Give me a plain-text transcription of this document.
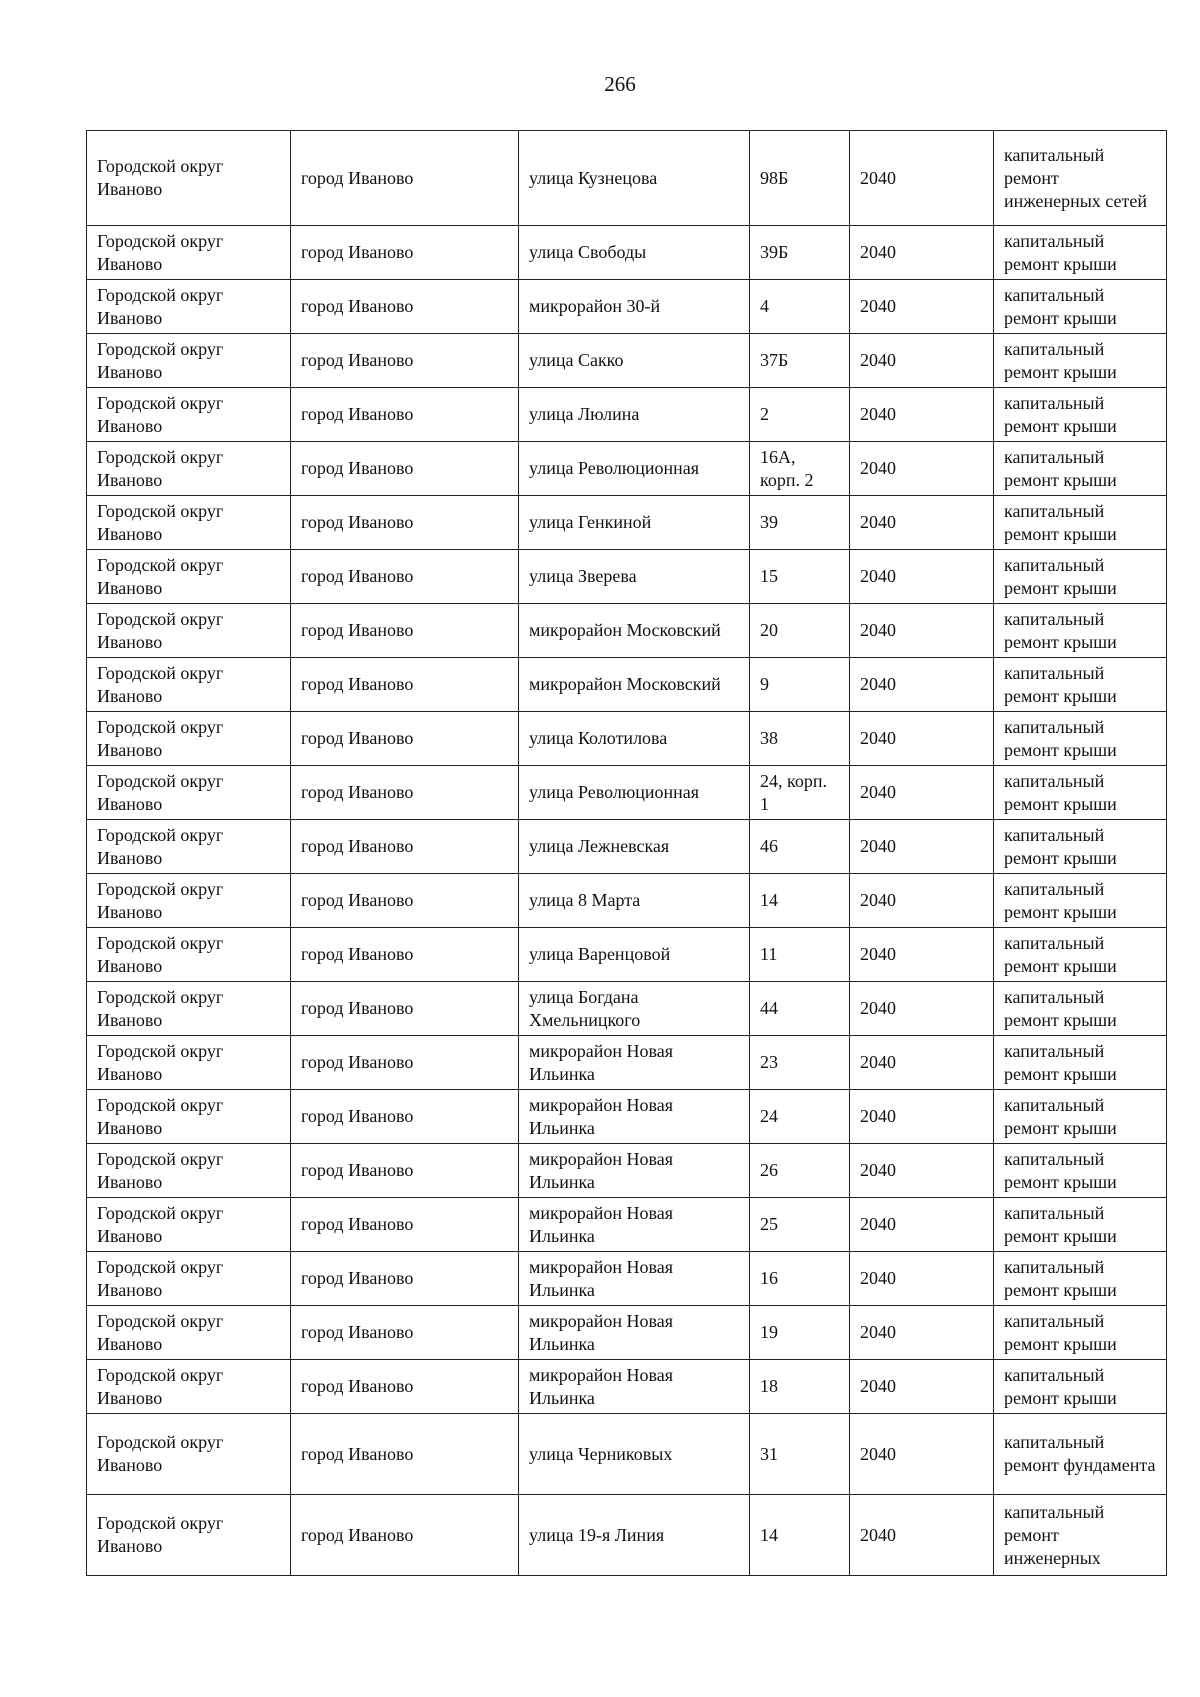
266
Городской округ Иваново	город Иваново	улица Кузнецова	98Б	2040	капитальный ремонт инженерных сетей
Городской округ Иваново	город Иваново	улица Свободы	39Б	2040	капитальный ремонт крыши
Городской округ Иваново	город Иваново	микрорайон 30-й	4	2040	капитальный ремонт крыши
Городской округ Иваново	город Иваново	улица Сакко	37Б	2040	капитальный ремонт крыши
Городской округ Иваново	город Иваново	улица Люлина	2	2040	капитальный ремонт крыши
Городской округ Иваново	город Иваново	улица Революционная	16А, корп. 2	2040	капитальный ремонт крыши
Городской округ Иваново	город Иваново	улица Генкиной	39	2040	капитальный ремонт крыши
Городской округ Иваново	город Иваново	улица Зверева	15	2040	капитальный ремонт крыши
Городской округ Иваново	город Иваново	микрорайон Московский	20	2040	капитальный ремонт крыши
Городской округ Иваново	город Иваново	микрорайон Московский	9	2040	капитальный ремонт крыши
Городской округ Иваново	город Иваново	улица Колотилова	38	2040	капитальный ремонт крыши
Городской округ Иваново	город Иваново	улица Революционная	24, корп. 1	2040	капитальный ремонт крыши
Городской округ Иваново	город Иваново	улица Лежневская	46	2040	капитальный ремонт крыши
Городской округ Иваново	город Иваново	улица 8 Марта	14	2040	капитальный ремонт крыши
Городской округ Иваново	город Иваново	улица Варенцовой	11	2040	капитальный ремонт крыши
Городской округ Иваново	город Иваново	улица Богдана Хмельницкого	44	2040	капитальный ремонт крыши
Городской округ Иваново	город Иваново	микрорайон Новая Ильинка	23	2040	капитальный ремонт крыши
Городской округ Иваново	город Иваново	микрорайон Новая Ильинка	24	2040	капитальный ремонт крыши
Городской округ Иваново	город Иваново	микрорайон Новая Ильинка	26	2040	капитальный ремонт крыши
Городской округ Иваново	город Иваново	микрорайон Новая Ильинка	25	2040	капитальный ремонт крыши
Городской округ Иваново	город Иваново	микрорайон Новая Ильинка	16	2040	капитальный ремонт крыши
Городской округ Иваново	город Иваново	микрорайон Новая Ильинка	19	2040	капитальный ремонт крыши
Городской округ Иваново	город Иваново	микрорайон Новая Ильинка	18	2040	капитальный ремонт крыши
Городской округ Иваново	город Иваново	улица Черниковых	31	2040	капитальный ремонт фундамента
Городской округ Иваново	город Иваново	улица 19-я Линия	14	2040	капитальный ремонт инженерных
